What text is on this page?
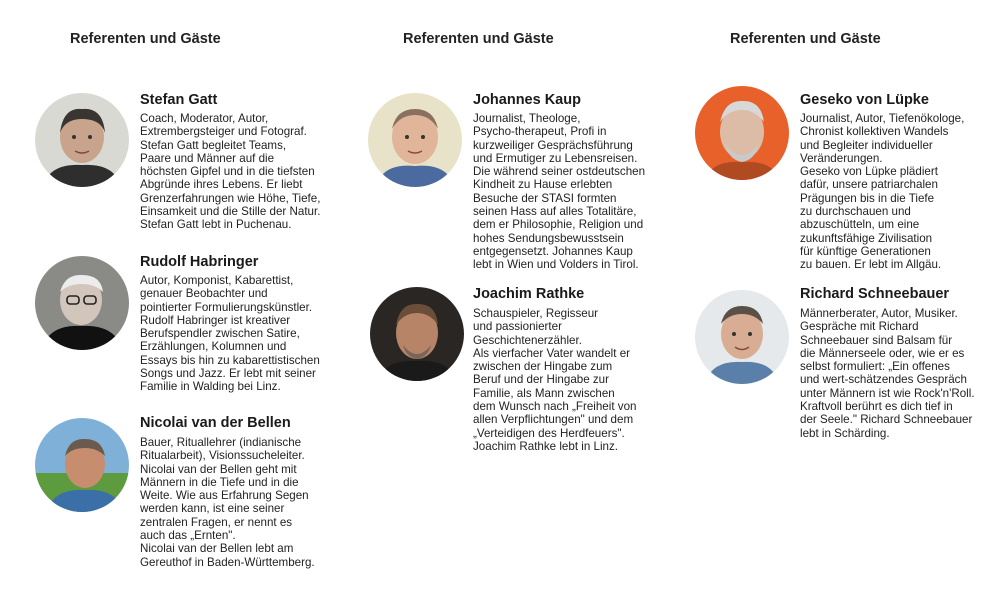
Referenten und Gäste	Referenten und Gäste	Referenten und Gäste
Stefan Gatt
Coach, Moderator, Autor,
Extrembergsteiger und Fotograf.
Stefan Gatt begleitet Teams,
Paare und Männer auf die
höchsten Gipfel und in die tiefsten
Abgründe ihres Lebens. Er liebt
Grenzerfahrungen wie Höhe, Tiefe,
Einsamkeit und die Stille der Natur.
Stefan Gatt lebt in Puchenau.
Rudolf Habringer
Autor, Komponist, Kabarettist,
genauer Beobachter und
pointierter Formulierungskünstler.
Rudolf Habringer ist kreativer
Berufspendler zwischen Satire,
Erzählungen, Kolumnen und
Essays bis hin zu kabarettistischen
Songs und Jazz. Er lebt mit seiner
Familie in Walding bei Linz.
Nicolai van der Bellen
Bauer, Rituallehrer (indianische
Ritualarbeit), Visionssucheleiter.
Nicolai van der Bellen geht mit
Männern in die Tiefe und in die
Weite. Wie aus Erfahrung Segen
werden kann, ist eine seiner
zentralen Fragen, er nennt es
auch das „Ernten".
Nicolai van der Bellen lebt am
Gereuthof in Baden-Württemberg.
Johannes Kaup
Journalist, Theologe,
Psycho-therapeut, Profi in
kurzweiliger Gesprächsführung
und Ermutiger zu Lebensreisen.
Die während seiner ostdeutschen
Kindheit zu Hause erlebten
Besuche der STASI formten
seinen Hass auf alles Totalitäre,
dem er Philosophie, Religion und
hohes Sendungsbewusstsein
entgegensetzt. Johannes Kaup
lebt in Wien und Volders in Tirol.
Joachim Rathke
Schauspieler, Regisseur
und passionierter
Geschichtenerzähler.
Als vierfacher Vater wandelt er
zwischen der Hingabe zum
Beruf und der Hingabe zur
Familie, als Mann zwischen
dem Wunsch nach „Freiheit von
allen Verpflichtungen" und dem
„Verteidigen des Herdfeuers".
Joachim Rathke lebt in Linz.
Geseko von Lüpke
Journalist, Autor, Tiefenökologe,
Chronist kollektiven Wandels
und Begleiter individueller
Veränderungen.
Geseko von Lüpke plädiert
dafür, unsere patriarchalen
Prägungen bis in die Tiefe
zu durchschauen und
abzuschütteln, um eine
zukunftsfähige Zivilisation
für künftige Generationen
zu bauen. Er lebt im Allgäu.
Richard Schneebauer
Männerberater, Autor, Musiker.
Gespräche mit Richard
Schneebauer sind Balsam für
die Männerseele oder, wie er es
selbst formuliert: „Ein offenes
und wert-schätzendes Gespräch
unter Männern ist wie Rock'n'Roll.
Kraftvoll berührt es dich tief in
der Seele." Richard Schneebauer
lebt in Schärding.
